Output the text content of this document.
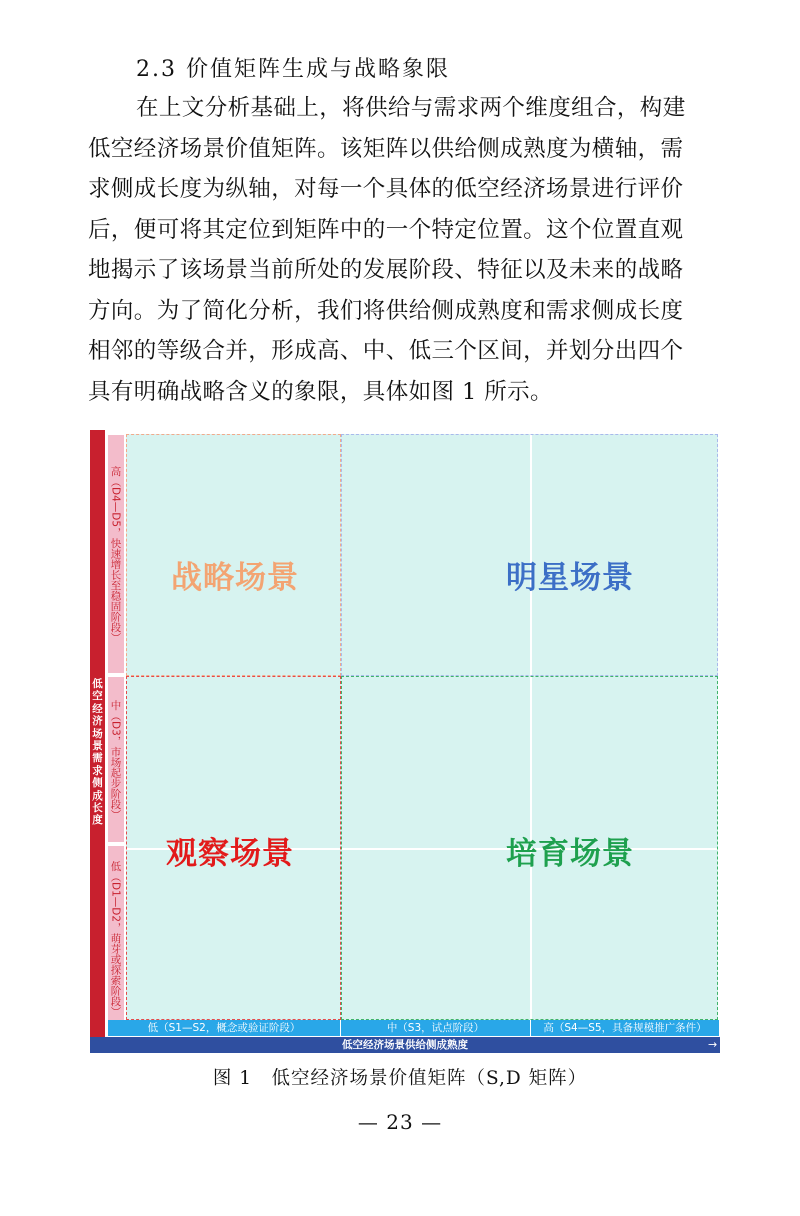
2.3 价值矩阵生成与战略象限
在上文分析基础上，将供给与需求两个维度组合，构建
低空经济场景价值矩阵。该矩阵以供给侧成熟度为横轴，需
求侧成长度为纵轴，对每一个具体的低空经济场景进行评价
后，便可将其定位到矩阵中的一个特定位置。这个位置直观
地揭示了该场景当前所处的发展阶段、特征以及未来的战略
方向。为了简化分析，我们将供给侧成熟度和需求侧成长度
相邻的等级合并，形成高、中、低三个区间，并划分出四个
具有明确战略含义的象限，具体如图 1 所示。
低空经济场景需求侧成长度
高（D4—D5，快速增长至稳固阶段）
中（D3，市场起步阶段）
低（D1—D2，萌芽或探索阶段）
战略场景	明星场景
观察场景	培育场景
低（S1—S2，概念或验证阶段）	中（S3，试点阶段）	高（S4—S5，具备规模推广条件）
低空经济场景供给侧成熟度	→
图 1　低空经济场景价值矩阵（S,D 矩阵）
— 23 —
